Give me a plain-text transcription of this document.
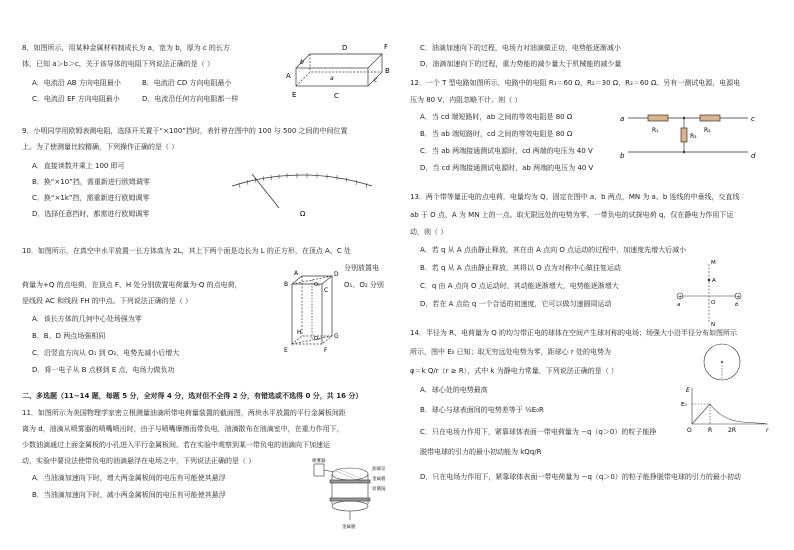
8．如图所示，用某种金属材料制成长为 a，宽为 b，厚为 c 的长方
体，已知 a＞b＞c，关于该导体的电阻下列说法正确的是（ ）
A．电流沿 AB 方向电阻最小	B．电流沿 CD 方向电阻最小
C．电流沿 EF 方向电阻最小	D．电流沿任何方向电阻都一样
A
B
C
D
E
F
a	c
b
9．小明同学用欧姆表测电阻，选择开关置于“×100”挡时，表针停在图中的 100 与 500 之间的中间位置
上。为了使测量比较精确，下列操作正确的是（ ）
A．直接读数并乘上 100 即可
B．换“×10”挡，需重新进行欧姆调零
C．换“×1k”挡，需重新进行欧姆调零
D．选择任意挡时，都需进行欧姆调零	Ω
10．如图所示，在真空中水平放置一长方体高为 2L，其上下两个面是边长为 L 的正方形，在顶点 A、C 处
分别放置电
荷量为+Q 的点电荷，在顶点 F、H 处分别放置电荷量为-Q 的点电荷，	O₁、O₂ 分别
是线段 AC 和线段 FH 的中点。下列说法正确的是（ ）
A．该长方体的几何中心处场强为零
B．B、D 两点场强相同
C．沿竖直方向从 O₁ 到 O₂，电势先减小后增大
D．将一电子从 B 点移到 E 点，电场力做负功
A	D
B
C
E	F
G
H
O₁
O₂
二、多选题（11~14 题，每题 5 分，全对得 4 分，选对但不全得 2 分，有错选或不选得 0 分，共 16 分）
11．如图所示为美国物理学家密立根测量油滴所带电荷量装置的截面图，两块水平放置的平行金属板间距
离为 d，油滴从喷雾器的喷嘴喷出时，由于与喷嘴摩擦而带负电，油滴散布在油滴室中，在重力作用下，
少数油滴通过上面金属板的小孔进入平行金属板间。若在实验中观察到某一带负电的油滴向下加速运
动，实验中要设法使带负电的油滴悬浮在电场之中，下列说法正确的是（ ）
A．当油滴加速向下时，增大两金属板间的电压有可能使其悬浮
B．当油滴加速向下时，减小两金属板间的电压有可能使其悬浮
喷雾器
油滴室
金属板
显微镜
金属板
C．油滴加速向下的过程，电场力对油滴做正功，电势能逐渐减小
D．油滴加速向下的过程，重力势能的减少量大于机械能的减少量
12．一个 T 型电路如图所示，电路中的电阻 R₁＝60 Ω，R₂＝30 Ω，R₃＝60 Ω。另有一测试电源，电源电
压为 80 V，内阻忽略不计。则（ ）
A．当 cd 端短路时，ab 之间的等效电阻是 80 Ω
B．当 ab 端短路时，cd 之间的等效电阻是 80 Ω
C．当 ab 两端接通测试电源时，cd 两端的电压为 40 V
D．当 cd 两端接通测试电源时，ab 两端的电压为 40 V
a
b
c
d
R₁	R₂
R₃
13．两个带等量正电的点电荷，电量均为 Q，固定在图中 a、b 两点，MN 为 a、b 连线的中垂线，交直线
ab 于 O 点，A 为 MN 上的一点。取无限远处的电势为零。一带负电的试探电荷 q，仅在静电力作用下运
动，则（ ）
A．若 q 从 A 点由静止释放，其在由 A 点向 O 点运动的过程中，加速度先增大后减小
B．若 q 从 A 点由静止释放，其将以 O 点为对称中心做往复运动
C．q 由 A 点向 O 点运动时，其动能逐渐增大，电势能逐渐增大
D．若在 A 点给 q 一个合适的初速度，它可以做匀速圆周运动
+	+
M
N
A
O
a	b
14．半径为 R、电荷量为 Q 的均匀带正电的球体在空间产生球对称的电场；场强大小沿半径分布如图所示
所示，图中 E₀ 已知；取无穷远处电势为零，距球心 r 处的电势为
φ＝k Q/r（r ≥ R），式中 k 为静电力常量，下列说法正确的是（ ）
A．球心处的电势最高
B．球心与球表面间的电势差等于 ½E₀R
C．只在电场力作用下，紧靠球体表面一带电荷量为 −q（q＞0）的粒子能挣
脱带电球的引力的最小初动能为 kQq/R
D．只在电场力作用下，紧靠球体表面一带电荷量为 −q（q＞0）的粒子能挣脱带电球的引力的最小初动
E
E₀
O	R	2R	r
